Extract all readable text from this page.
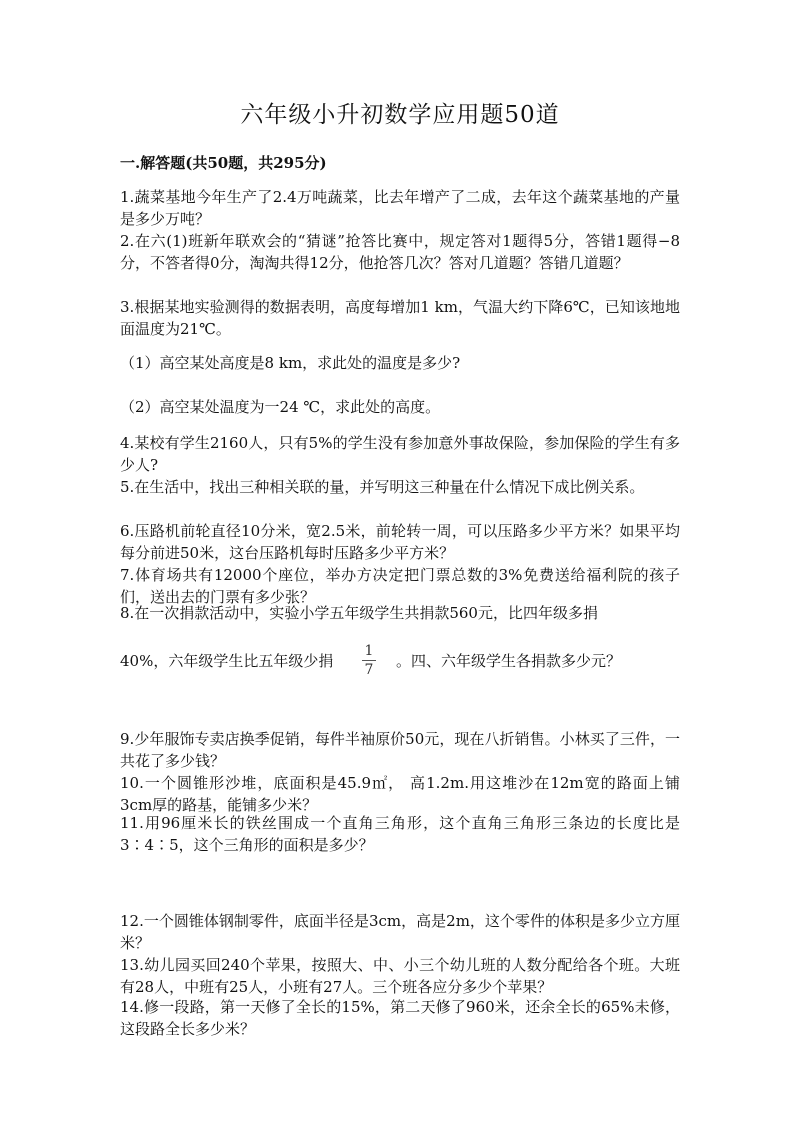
六年级小升初数学应用题50道
一.解答题(共50题，共295分)
1.蔬菜基地今年生产了2.4万吨蔬菜，比去年增产了二成，去年这个蔬菜基地的产量是多少万吨？
2.在六(1)班新年联欢会的“猜谜”抢答比赛中，规定答对1题得5分，答错1题得−8分，不答者得0分，淘淘共得12分，他抢答几次？答对几道题？答错几道题？
3.根据某地实验测得的数据表明，高度每增加1 km，气温大约下降6℃，已知该地地面温度为21℃。
（1）高空某处高度是8 km，求此处的温度是多少?
（2）高空某处温度为一24 ℃，求此处的高度。
4.某校有学生2160人，只有5%的学生没有参加意外事故保险，参加保险的学生有多少人?
5.在生活中，找出三种相关联的量，并写明这三种量在什么情况下成比例关系。
6.压路机前轮直径10分米，宽2.5米，前轮转一周，可以压路多少平方米？如果平均每分前进50米，这台压路机每时压路多少平方米？
7.体育场共有12000个座位，举办方决定把门票总数的3%免费送给福利院的孩子们，送出去的门票有多少张？
8.在一次捐款活动中，实验小学五年级学生共捐款560元，比四年级多捐
40%，六年级学生比五年级少捐
1
7 。四、六年级学生各捐款多少元？
9.少年服饰专卖店换季促销，每件半袖原价50元，现在八折销售。小林买了三件，一共花了多少钱？
10.一个圆锥形沙堆，底面积是45.9㎡， 高1.2m.用这堆沙在12m宽的路面上铺3cm厚的路基，能铺多少米？
11.用96厘米长的铁丝围成一个直角三角形，这个直角三角形三条边的长度比是3∶4∶5，这个三角形的面积是多少？
12.一个圆锥体钢制零件，底面半径是3cm，高是2m，这个零件的体积是多少立方厘米？
13.幼儿园买回240个苹果，按照大、中、小三个幼儿班的人数分配给各个班。大班有28人，中班有25人，小班有27人。三个班各应分多少个苹果？
14.修一段路，第一天修了全长的15%，第二天修了960米，还余全长的65%未修，这段路全长多少米？
